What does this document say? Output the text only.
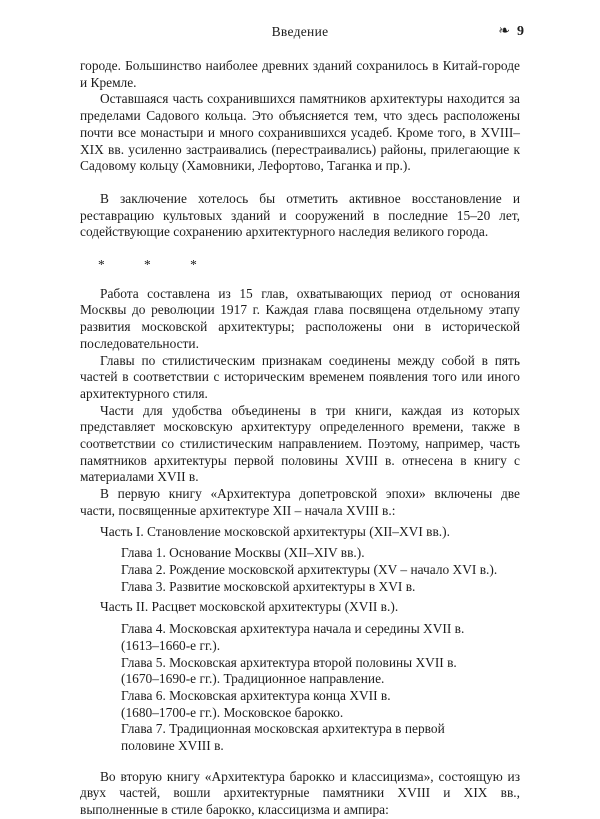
Введение	❧ 9

городе. Большинство наиболее древних зданий сохранилось в Китай-городе и Кремле.

Оставшаяся часть сохранившихся памятников архитектуры находится за пределами Садового кольца. Это объясняется тем, что здесь расположены почти все монастыри и много сохранившихся усадеб. Кроме того, в XVIII–XIX вв. усиленно застраивались (перестраивались) районы, прилегающие к Садовому кольцу (Хамовники, Лефортово, Таганка и пр.).

В заключение хотелось бы отметить активное восстановление и реставрацию культовых зданий и сооружений в последние 15–20 лет, содействующие сохранению архитектурного наследия великого города.

* * *

Работа составлена из 15 глав, охватывающих период от основания Москвы до революции 1917 г. Каждая глава посвящена отдельному этапу развития московской архитектуры; расположены они в исторической последовательности.

Главы по стилистическим признакам соединены между собой в пять частей в соответствии с историческим временем появления того или иного архитектурного стиля.

Части для удобства объединены в три книги, каждая из которых представляет московскую архитектуру определенного времени, также в соответствии со стилистическим направлением. Поэтому, например, часть памятников архитектуры первой половины XVIII в. отнесена в книгу с материалами XVII в.

В первую книгу «Архитектура допетровской эпохи» включены две части, посвященные архитектуре XII – начала XVIII в.:

Часть I. Становление московской архитектуры (XII–XVI вв.).

Глава 1. Основание Москвы (XII–XIV вв.).

Глава 2. Рождение московской архитектуры (XV – начало XVI в.).

Глава 3. Развитие московской архитектуры в XVI в.

Часть II. Расцвет московской архитектуры (XVII в.).

Глава 4. Московская архитектура начала и середины XVII в.

(1613–1660-е гг.).

Глава 5. Московская архитектура второй половины XVII в.

(1670–1690-е гг.). Традиционное направление.

Глава 6. Московская архитектура конца XVII в.

(1680–1700-е гг.). Московское барокко.

Глава 7. Традиционная московская архитектура в первой

половине XVIII в.

Во вторую книгу «Архитектура барокко и классицизма», состоящую из двух частей, вошли архитектурные памятники XVIII и XIX вв., выполненные в стиле барокко, классицизма и ампира:
